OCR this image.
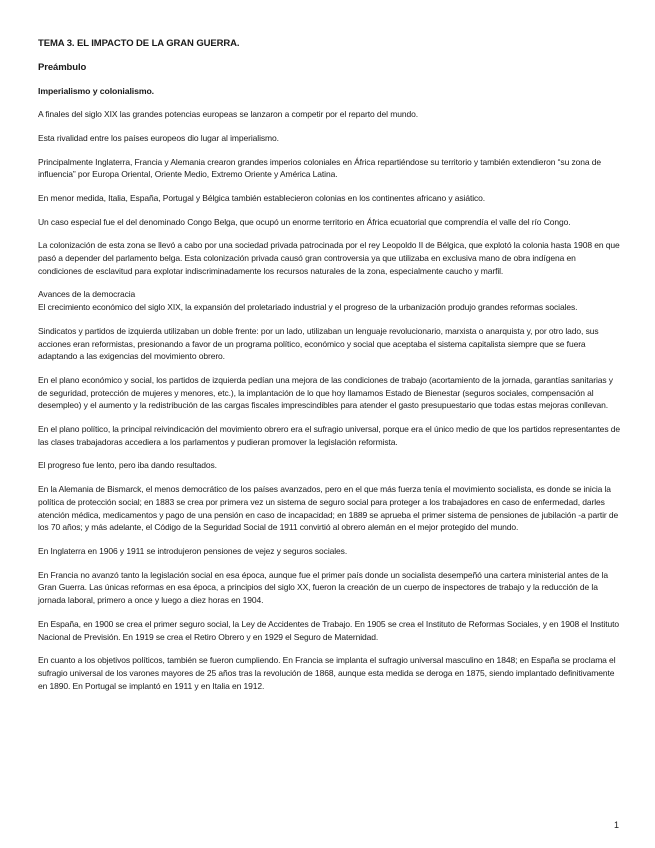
TEMA 3. EL IMPACTO DE LA GRAN GUERRA.
Preámbulo
Imperialismo y colonialismo.

A finales del siglo XIX las grandes potencias europeas se lanzaron a competir por el reparto del mundo.

Esta rivalidad entre los países europeos dio lugar al imperialismo.

Principalmente Inglaterra, Francia y Alemania crearon grandes imperios coloniales en África repartiéndose su territorio y también extendieron “su zona de influencia” por Europa Oriental, Oriente Medio, Extremo Oriente y América Latina.

En menor medida, Italia, España, Portugal y Bélgica también establecieron colonias en los continentes africano y asiático.

Un caso especial fue el del denominado Congo Belga, que ocupó un enorme territorio en África ecuatorial que comprendía el valle del río Congo.

La colonización de esta zona se llevó a cabo por una sociedad privada patrocinada por el rey Leopoldo II de Bélgica, que explotó la colonia hasta 1908 en que pasó a depender del parlamento belga. Esta colonización privada causó gran controversia ya que utilizaba en exclusiva mano de obra indígena en condiciones de esclavitud para explotar indiscriminadamente los recursos naturales de la zona, especialmente caucho y marfil.

Avances de la democracia

El crecimiento económico del siglo XIX, la expansión del proletariado industrial y el progreso de la urbanización produjo grandes reformas sociales.

Sindicatos y partidos de izquierda utilizaban un doble frente: por un lado, utilizaban un lenguaje revolucionario, marxista o anarquista y, por otro lado, sus acciones eran reformistas, presionando a favor de un programa político, económico y social que aceptaba el sistema capitalista siempre que se fuera adaptando a las exigencias del movimiento obrero.

En el plano económico y social, los partidos de izquierda pedían una mejora de las condiciones de trabajo (acortamiento de la jornada, garantías sanitarias y de seguridad, protección de mujeres y menores, etc.), la implantación de lo que hoy llamamos Estado de Bienestar (seguros sociales, compensación al desempleo) y el aumento y la redistribución de las cargas fiscales imprescindibles para atender el gasto presupuestario que todas estas mejoras conllevan.

En el plano político, la principal reivindicación del movimiento obrero era el sufragio universal, porque era el único medio de que los partidos representantes de las clases trabajadoras accediera a los parlamentos y pudieran promover la legislación reformista.

El progreso fue lento, pero iba dando resultados.

En la Alemania de Bismarck, el menos democrático de los países avanzados, pero en el que más fuerza tenía el movimiento socialista, es donde se inicia la política de protección social; en 1883 se crea por primera vez un sistema de seguro social para proteger a los trabajadores en caso de enfermedad, darles atención médica, medicamentos y pago de una pensión en caso de incapacidad; en 1889 se aprueba el primer sistema de pensiones de jubilación -a partir de los 70 años; y más adelante, el Código de la Seguridad Social de 1911 convirtió al obrero alemán en el mejor protegido del mundo.

En Inglaterra en 1906 y 1911 se introdujeron pensiones de vejez y seguros sociales.

En Francia no avanzó tanto la legislación social en esa época, aunque fue el primer país donde un socialista desempeñó una cartera ministerial antes de la Gran Guerra. Las únicas reformas en esa época, a principios del siglo XX, fueron la creación de un cuerpo de inspectores de trabajo y la reducción de la jornada laboral, primero a once y luego a diez horas en 1904.

En España, en 1900 se crea el primer seguro social, la Ley de Accidentes de Trabajo. En 1905 se crea el Instituto de Reformas Sociales, y en 1908 el Instituto Nacional de Previsión. En 1919 se crea el Retiro Obrero y en 1929 el Seguro de Maternidad.

En cuanto a los objetivos políticos, también se fueron cumpliendo. En Francia se implanta el sufragio universal masculino en 1848; en España se proclama el sufragio universal de los varones mayores de 25 años tras la revolución de 1868, aunque esta medida se deroga en 1875, siendo implantado definitivamente en 1890. En Portugal se implantó en 1911 y en Italia en 1912.

1
